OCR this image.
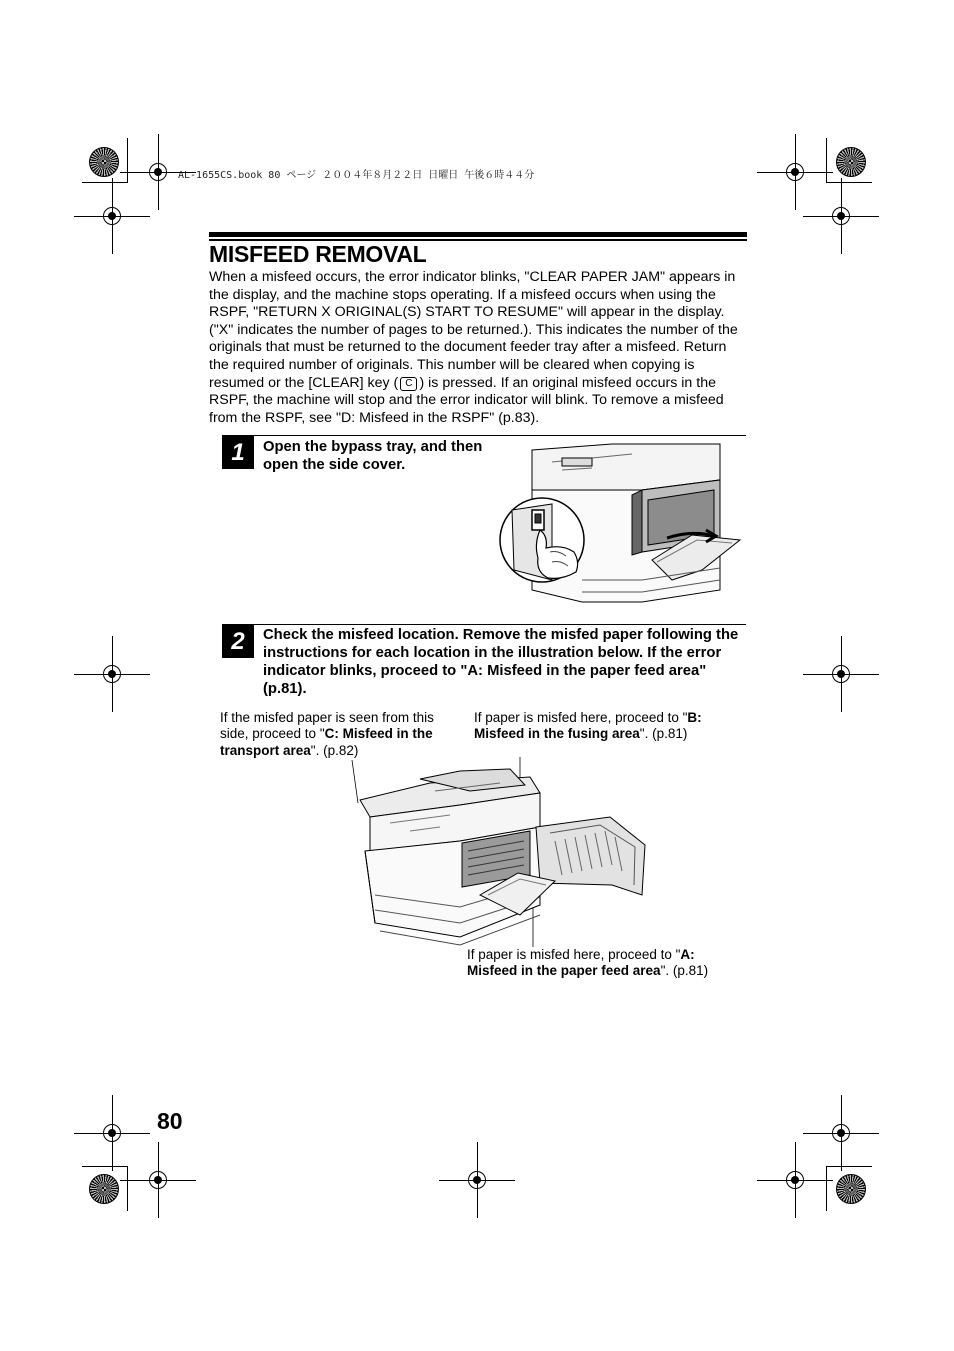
AL-1655CS.book 80 ページ ２００４年８月２２日 日曜日 午後６時４４分
MISFEED REMOVAL

When a misfeed occurs, the error indicator blinks, "CLEAR PAPER JAM" appears in the display, and the machine stops operating. If a misfeed occurs when using the RSPF, "RETURN X ORIGINAL(S) START TO RESUME" will appear in the display. ("X" indicates the number of pages to be returned.). This indicates the number of the originals that must be returned to the document feeder tray after a misfeed. Return the required number of originals. This number will be cleared when copying is resumed or the [CLEAR] key ( C ) is pressed. If an original misfeed occurs in the RSPF, the machine will stop and the error indicator will blink. To remove a misfeed from the RSPF, see "D: Misfeed in the RSPF" (p.83).

1	Open the bypass tray, and then open the side cover.
2	Check the misfeed location. Remove the misfed paper following the instructions for each location in the illustration below. If the error indicator blinks, proceed to "A: Misfeed in the paper feed area" (p.81).
If the misfed paper is seen from this side, proceed to "C: Misfeed in the transport area". (p.82)
If paper is misfed here, proceed to "B: Misfeed in the fusing area". (p.81)
If paper is misfed here, proceed to "A: Misfeed in the paper feed area". (p.81)
80
